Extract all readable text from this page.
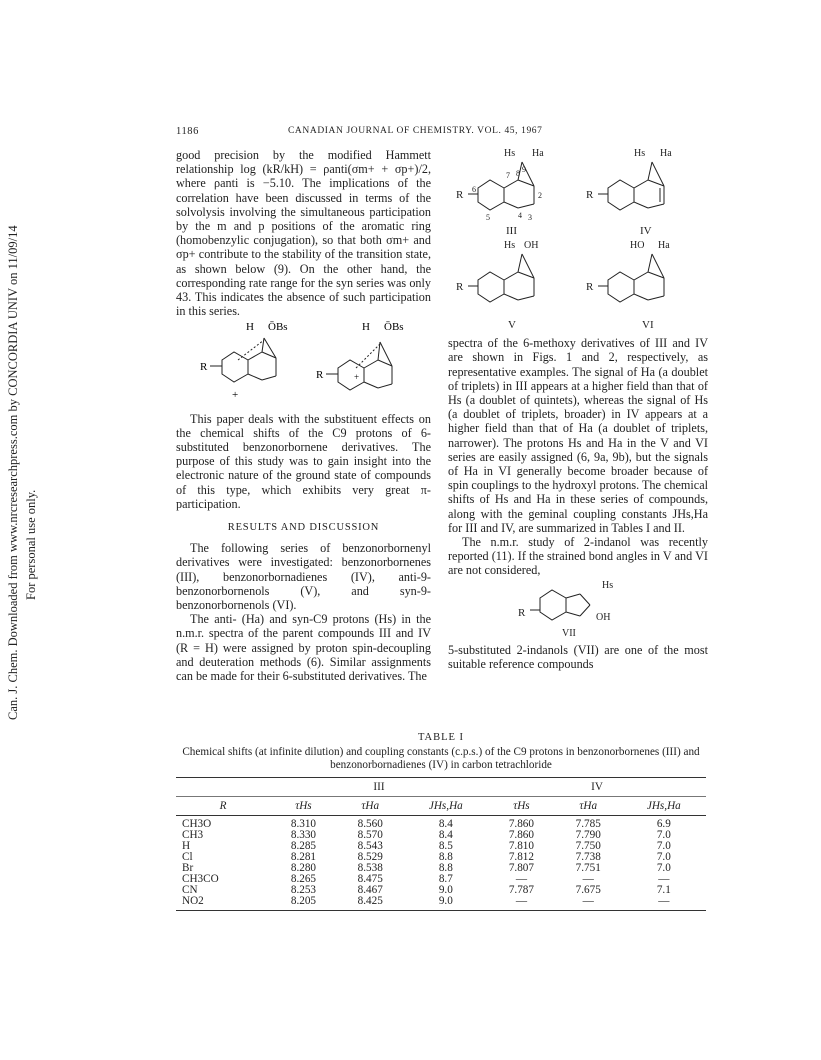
Can. J. Chem. Downloaded from www.nrcresearchpress.com by CONCORDIA UNIV on 11/09/14 For personal use only.
1186	CANADIAN JOURNAL OF CHEMISTRY. VOL. 45, 1967

good precision by the modified Hammett relationship log (kR/kH) = ρanti(σm+ + σp+)/2, where ρanti is −5.10. The implications of the correlation have been discussed in terms of the solvolysis involving the simultaneous participation by the m and p positions of the aromatic ring (homobenzylic conjugation), so that both σm+ and σp+ contribute to the stability of the transition state, as shown below (9). On the other hand, the corresponding rate range for the syn series was only 43. This indicates the absence of such participation in this series.

H ŌBs
R
+
H ŌBs
R	+

This paper deals with the substituent effects on the chemical shifts of the C9 protons of 6-substituted benzonorbornene derivatives. The purpose of this study was to gain insight into the electronic nature of the ground state of compounds of this type, which exhibits very great π-participation.

RESULTS AND DISCUSSION

The following series of benzonorbornenyl derivatives were investigated: benzonorbornenes (III), benzonorbornadienes (IV), anti-9-benzonorbornenols (V), and syn-9-benzonorbornenols (VI).

The anti- (Ha) and syn-C9 protons (Hs) in the n.m.r. spectra of the parent compounds III and IV (R = H) were assigned by proton spin-decoupling and deuteration methods (6). Similar assignments can be made for their 6-substituted derivatives. The

Hs Ha
R
7 8 9
6
2
4 3
5
Hs Ha
R
III	IV
Hs OH
R
HO Ha
R
V	VI

spectra of the 6-methoxy derivatives of III and IV are shown in Figs. 1 and 2, respectively, as representative examples. The signal of Ha (a doublet of triplets) in III appears at a higher field than that of Hs (a doublet of quintets), whereas the signal of Hs (a doublet of triplets, broader) in IV appears at a higher field than that of Ha (a doublet of triplets, narrower). The protons Hs and Ha in the V and VI series are easily assigned (6, 9a, 9b), but the signals of Ha in VI generally become broader because of spin couplings to the hydroxyl protons. The chemical shifts of Hs and Ha in these series of compounds, along with the geminal coupling constants JHs,Ha for III and IV, are summarized in Tables I and II.

The n.m.r. study of 2-indanol was recently reported (11). If the strained bond angles in V and VI are not considered,

Hs
R	OH
VII

5-substituted 2-indanols (VII) are one of the most suitable reference compounds

TABLE I
Chemical shifts (at infinite dilution) and coupling constants (c.p.s.) of the C9 protons in benzonorbornenes (III) and benzonorbornadienes (IV) in carbon tetrachloride
	III			IV		
R	τHs	τHa	JHs,Ha	τHs	τHa	JHs,Ha
CH3O	8.310	8.560	8.4	7.860	7.785	6.9
CH3	8.330	8.570	8.4	7.860	7.790	7.0
H	8.285	8.543	8.5	7.810	7.750	7.0
Cl	8.281	8.529	8.8	7.812	7.738	7.0
Br	8.280	8.538	8.8	7.807	7.751	7.0
CH3CO	8.265	8.475	8.7	—	—	—
CN	8.253	8.467	9.0	7.787	7.675	7.1
NO2	8.205	8.425	9.0	—	—	—
